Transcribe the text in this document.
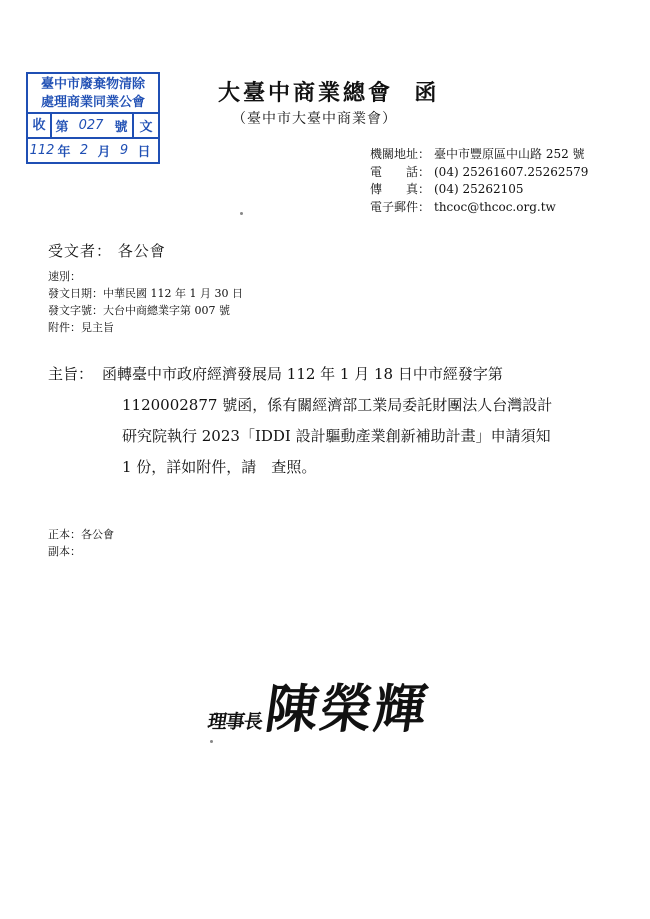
臺中市廢棄物清除
處理商業同業公會
收 第 027 號 文
112 年 2 月 9 日
大臺中商業總會  函
（臺中市大臺中商業會）
機關地址： 臺中市豐原區中山路 252 號
電　　話： (04) 25261607.25262579
傳　　真： (04) 25262105
電子郵件： thcoc@thcoc.org.tw
受文者： 各公會
速別：
發文日期：中華民國 112 年 1 月 30 日
發文字號：大台中商總業字第 007 號
附件：見主旨
主旨： 函轉臺中市政府經濟發展局 112 年 1 月 18 日中市經發字第
1120002877 號函，係有關經濟部工業局委託財團法人台灣設計
研究院執行 2023「IDDI 設計驅動產業創新補助計畫」申請須知
1 份，詳如附件，請　查照。
正本：各公會
副本：
理事長
陳榮輝
